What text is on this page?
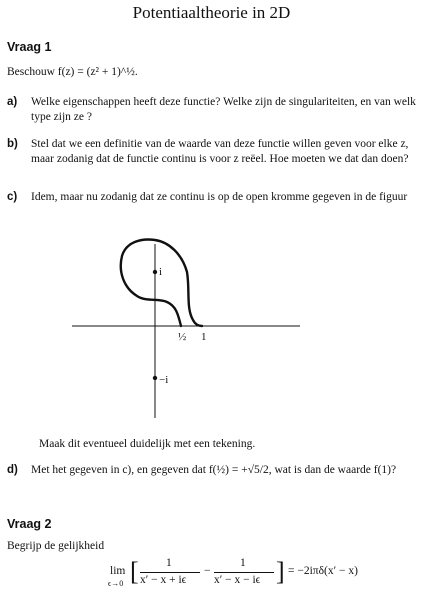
Potentiaaltheorie in 2D
Vraag 1
Beschouw f(z) = (z² + 1)^½.
a) Welke eigenschappen heeft deze functie? Welke zijn de singulariteiten, en van welk type zijn ze ?
b) Stel dat we een definitie van de waarde van deze functie willen geven voor elke z, maar zodanig dat de functie continu is voor z reëel. Hoe moeten we dat dan doen?
c) Idem, maar nu zodanig dat ze continu is op de open kromme gegeven in de figuur
i
−i
½ 1
Maak dit eventueel duidelijk met een tekening.
d) Met het gegeven in c), en gegeven dat f(½) = +√5/2, wat is dan de waarde f(1)?
Vraag 2
Begrijp de gelijkheid
lim
ϵ→0 [ 1
x′ − x + iϵ
−
1
x′ − x − iϵ ] = −2iπδ(x′ − x)
